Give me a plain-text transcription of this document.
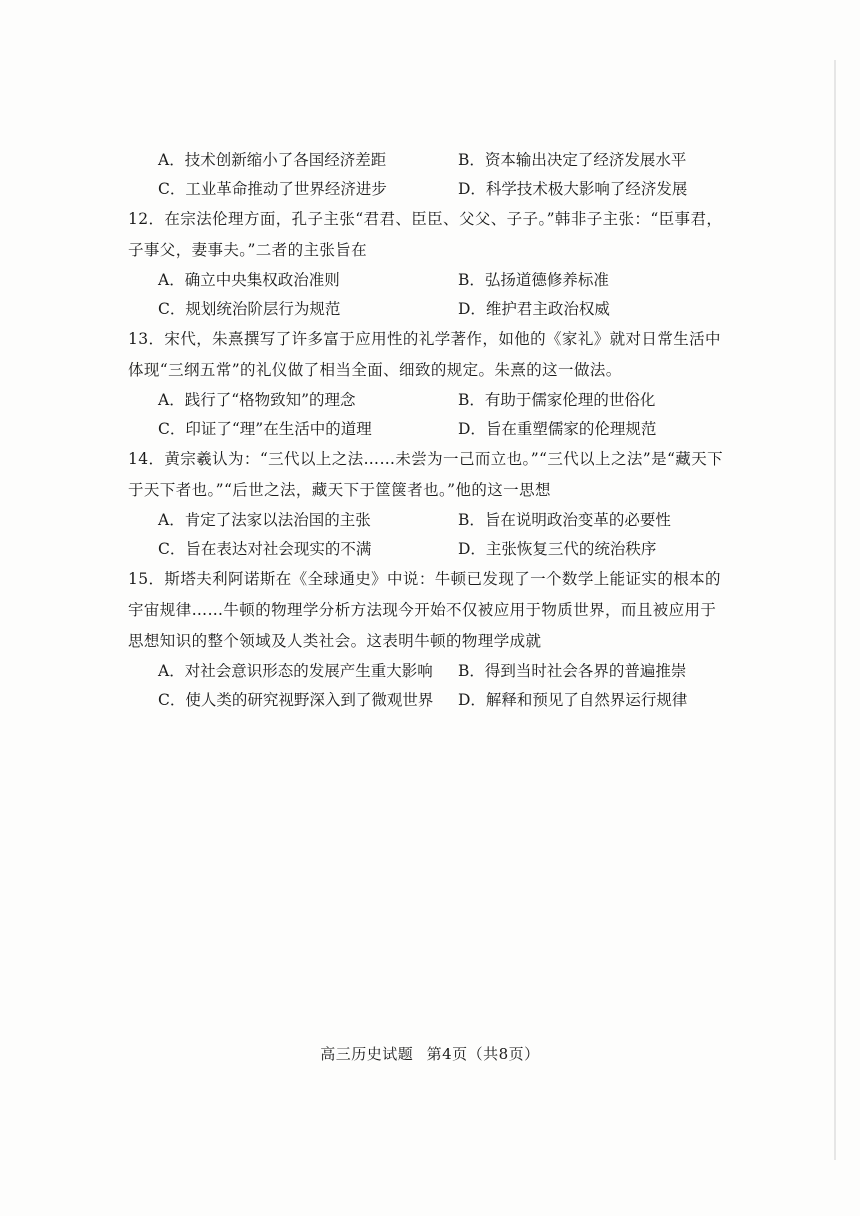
A．技术创新缩小了各国经济差距	B．资本输出决定了经济发展水平
C．工业革命推动了世界经济进步	D．科学技术极大影响了经济发展

12．在宗法伦理方面，孔子主张“君君、臣臣、父父、子子。”韩非子主张：“臣事君，子事父，妻事夫。”二者的主张旨在

A．确立中央集权政治准则	B．弘扬道德修养标准
C．规划统治阶层行为规范	D．维护君主政治权威

13．宋代，朱熹撰写了许多富于应用性的礼学著作，如他的《家礼》就对日常生活中体现“三纲五常”的礼仪做了相当全面、细致的规定。朱熹的这一做法。

A．践行了“格物致知”的理念	B．有助于儒家伦理的世俗化
C．印证了“理”在生活中的道理	D．旨在重塑儒家的伦理规范

14．黄宗羲认为：“三代以上之法……未尝为一己而立也。”“三代以上之法”是“藏天下于天下者也。”“后世之法，藏天下于筐箧者也。”他的这一思想

A．肯定了法家以法治国的主张	B．旨在说明政治变革的必要性
C．旨在表达对社会现实的不满	D．主张恢复三代的统治秩序

15．斯塔夫利阿诺斯在《全球通史》中说：牛顿已发现了一个数学上能证实的根本的宇宙规律……牛顿的物理学分析方法现今开始不仅被应用于物质世界，而且被应用于思想知识的整个领域及人类社会。这表明牛顿的物理学成就

A．对社会意识形态的发展产生重大影响	B．得到当时社会各界的普遍推崇
C．使人类的研究视野深入到了微观世界	D．解释和预见了自然界运行规律
高三历史试题 第4页（共8页）
